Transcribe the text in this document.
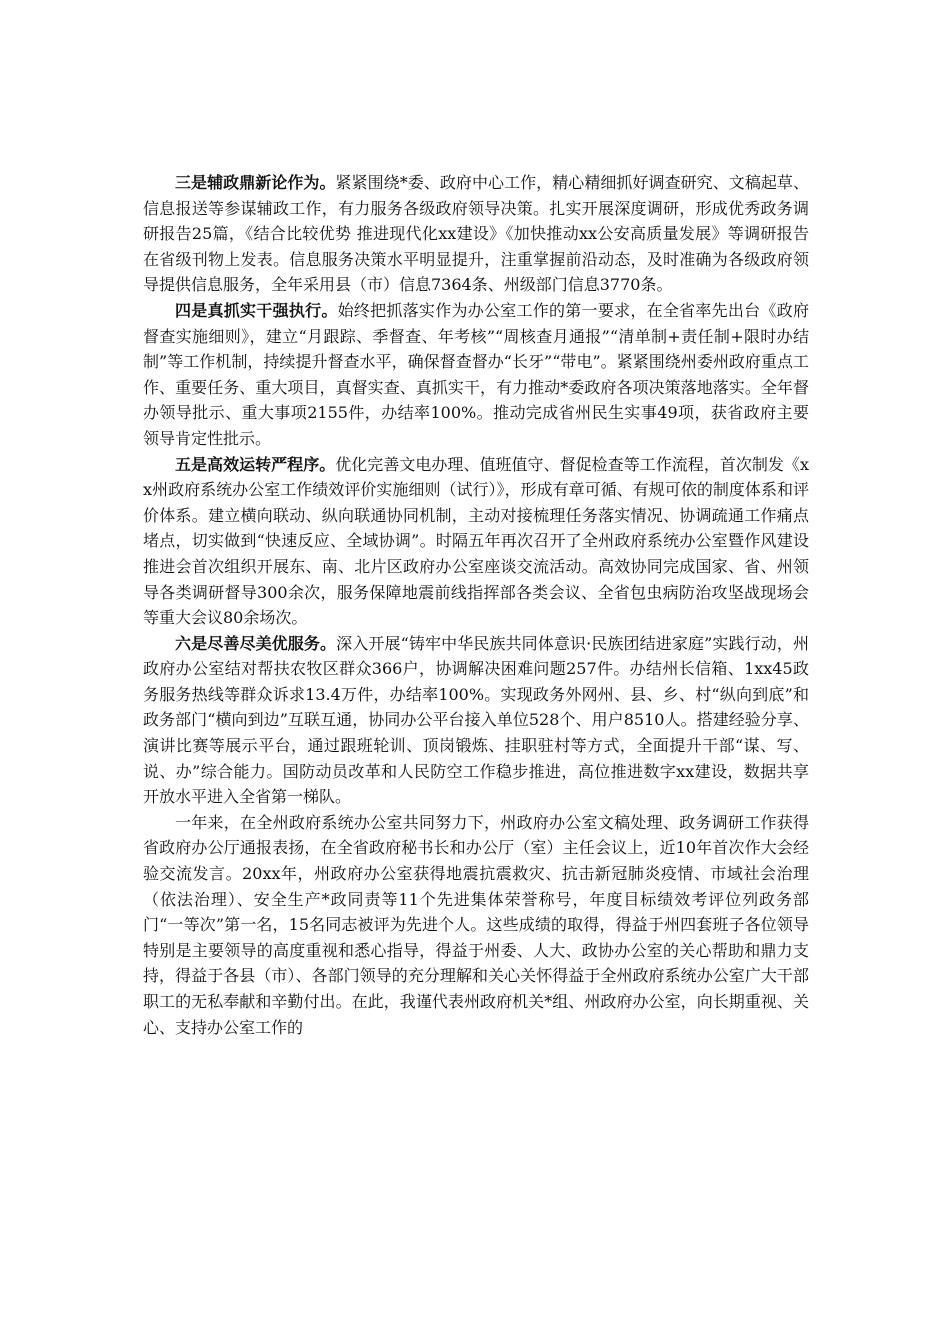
三是辅政鼎新论作为。紧紧围绕*委、政府中心工作，精心精细抓好调查研究、文稿起草、信息报送等参谋辅政工作，有力服务各级政府领导决策。扎实开展深度调研，形成优秀政务调研报告25篇，《结合比较优势 推进现代化xx建设》《加快推动xx公安高质量发展》等调研报告在省级刊物上发表。信息服务决策水平明显提升，注重掌握前沿动态，及时准确为各级政府领导提供信息服务，全年采用县（市）信息7364条、州级部门信息3770条。

四是真抓实干强执行。始终把抓落实作为办公室工作的第一要求，在全省率先出台《政府督查实施细则》，建立“月跟踪、季督查、年考核”“周核查月通报”“清单制+责任制+限时办结制”等工作机制，持续提升督查水平，确保督查督办“长牙”“带电”。紧紧围绕州委州政府重点工作、重要任务、重大项目，真督实查、真抓实干，有力推动*委政府各项决策落地落实。全年督办领导批示、重大事项2155件，办结率100%。推动完成省州民生实事49项，获省政府主要领导肯定性批示。

五是高效运转严程序。优化完善文电办理、值班值守、督促检查等工作流程，首次制发《xx州政府系统办公室工作绩效评价实施细则（试行）》，形成有章可循、有规可依的制度体系和评价体系。建立横向联动、纵向联通协同机制，主动对接梳理任务落实情况、协调疏通工作痛点堵点，切实做到“快速反应、全域协调”。时隔五年再次召开了全州政府系统办公室暨作风建设推进会首次组织开展东、南、北片区政府办公室座谈交流活动。高效协同完成国家、省、州领导各类调研督导300余次，服务保障地震前线指挥部各类会议、全省包虫病防治攻坚战现场会等重大会议80余场次。

六是尽善尽美优服务。深入开展“铸牢中华民族共同体意识·民族团结进家庭”实践行动，州政府办公室结对帮扶农牧区群众366户，协调解决困难问题257件。办结州长信箱、1xx45政务服务热线等群众诉求13.4万件，办结率100%。实现政务外网州、县、乡、村“纵向到底”和政务部门“横向到边”互联互通，协同办公平台接入单位528个、用户8510人。搭建经验分享、演讲比赛等展示平台，通过跟班轮训、顶岗锻炼、挂职驻村等方式，全面提升干部“谋、写、说、办”综合能力。国防动员改革和人民防空工作稳步推进，高位推进数字xx建设，数据共享开放水平进入全省第一梯队。

一年来，在全州政府系统办公室共同努力下，州政府办公室文稿处理、政务调研工作获得省政府办公厅通报表扬，在全省政府秘书长和办公厅（室）主任会议上，近10年首次作大会经验交流发言。20xx年，州政府办公室获得地震抗震救灾、抗击新冠肺炎疫情、市域社会治理（依法治理）、安全生产*政同责等11个先进集体荣誉称号，年度目标绩效考评位列政务部门“一等次”第一名，15名同志被评为先进个人。这些成绩的取得，得益于州四套班子各位领导特别是主要领导的高度重视和悉心指导，得益于州委、人大、政协办公室的关心帮助和鼎力支持，得益于各县（市）、各部门领导的充分理解和关心关怀得益于全州政府系统办公室广大干部职工的无私奉献和辛勤付出。在此，我谨代表州政府机关*组、州政府办公室，向长期重视、关心、支持办公室工作的
